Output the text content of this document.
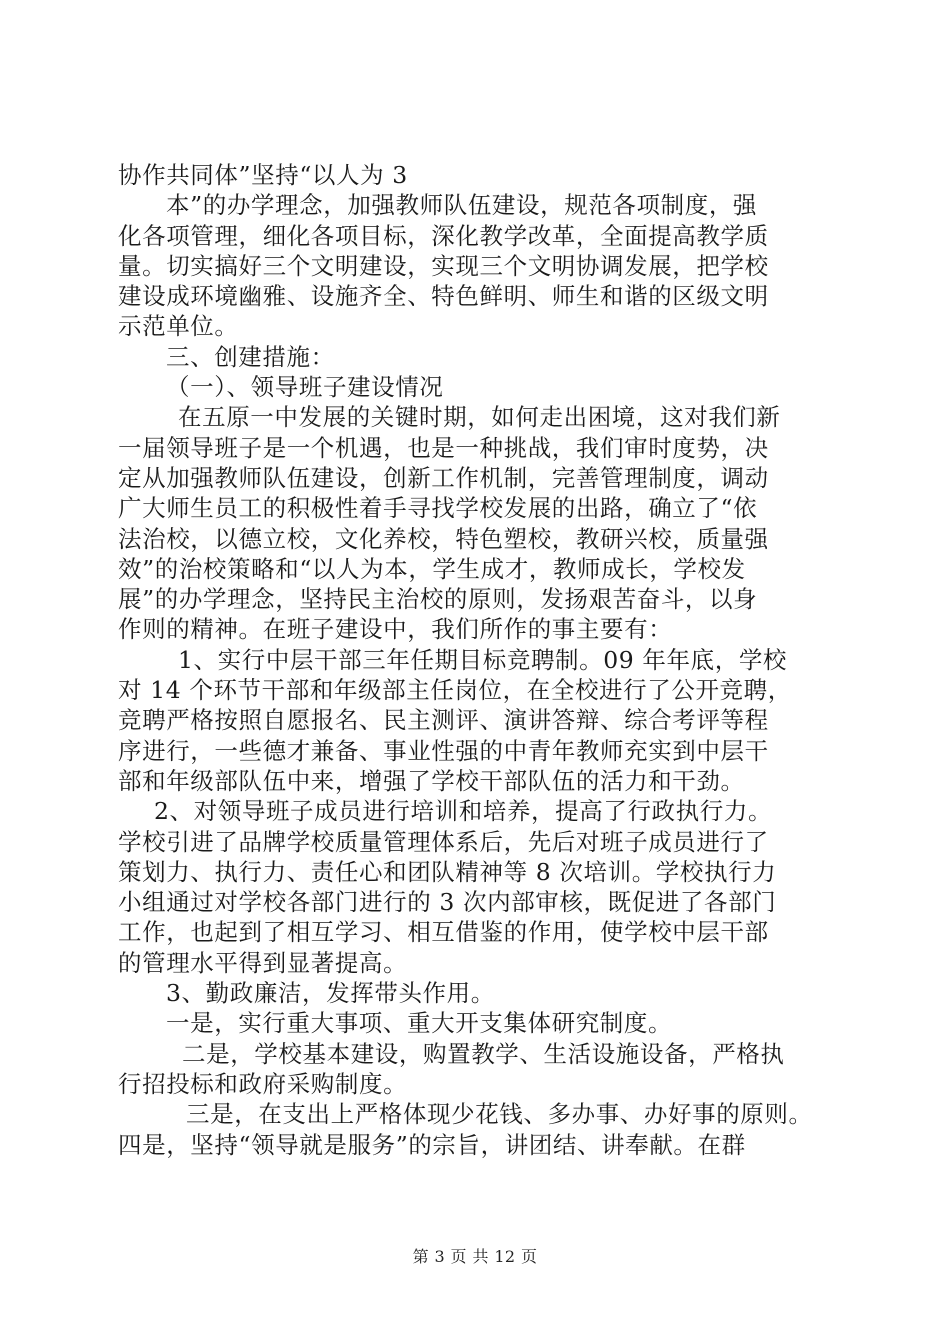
协作共同体”坚持“以人为 3
本”的办学理念，加强教师队伍建设，规范各项制度，强
化各项管理，细化各项目标，深化教学改革，全面提高教学质
量。切实搞好三个文明建设，实现三个文明协调发展，把学校
建设成环境幽雅、设施齐全、特色鲜明、师生和谐的区级文明
示范单位。
三、创建措施：
（一）、领导班子建设情况
在五原一中发展的关键时期，如何走出困境，这对我们新
一届领导班子是一个机遇，也是一种挑战，我们审时度势，决
定从加强教师队伍建设，创新工作机制，完善管理制度，调动
广大师生员工的积极性着手寻找学校发展的出路，确立了“依
法治校，以德立校，文化养校，特色塑校，教研兴校，质量强
效”的治校策略和“以人为本，学生成才，教师成长，学校发
展”的办学理念，坚持民主治校的原则，发扬艰苦奋斗，以身
作则的精神。在班子建设中，我们所作的事主要有：
1、实行中层干部三年任期目标竞聘制。09 年年底，学校
对 14 个环节干部和年级部主任岗位，在全校进行了公开竞聘，
竞聘严格按照自愿报名、民主测评、演讲答辩、综合考评等程
序进行，一些德才兼备、事业性强的中青年教师充实到中层干
部和年级部队伍中来，增强了学校干部队伍的活力和干劲。
2、对领导班子成员进行培训和培养，提高了行政执行力。
学校引进了品牌学校质量管理体系后，先后对班子成员进行了
策划力、执行力、责任心和团队精神等 8 次培训。学校执行力
小组通过对学校各部门进行的 3 次内部审核，既促进了各部门
工作，也起到了相互学习、相互借鉴的作用，使学校中层干部
的管理水平得到显著提高。
3、勤政廉洁，发挥带头作用。
一是，实行重大事项、重大开支集体研究制度。
二是，学校基本建设，购置教学、生活设施设备，严格执
行招投标和政府采购制度。
三是，在支出上严格体现少花钱、多办事、办好事的原则。
四是，坚持“领导就是服务”的宗旨，讲团结、讲奉献。在群
第 3 页 共 12 页
